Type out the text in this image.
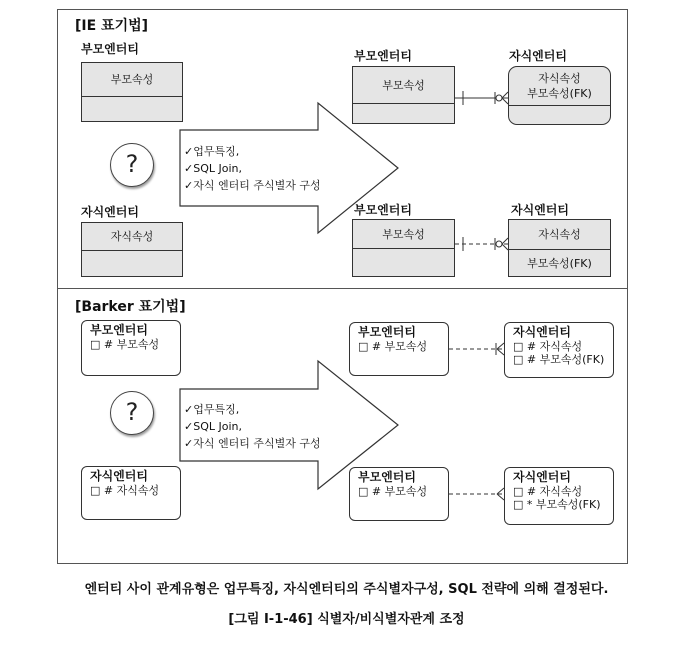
[IE 표기법]
부모엔터티
부모속성
?
자식엔터티
자식속성
✓업무특징,
✓SQL Join,
✓자식 엔터티 주식별자 구성
부모엔터티
부모속성
자식엔터티
자식속성
부모속성(FK)
부모엔터티
부모속성
자식엔터티
자식속성
부모속성(FK)
[Barker 표기법]
부모엔터티
□ # 부모속성
?	✓업무특징,
✓SQL Join,
✓자식 엔터티 주식별자 구성
자식엔터티
□ # 자식속성
부모엔터티
□ # 부모속성
자식엔터티
□ # 자식속성
□ # 부모속성(FK)
부모엔터티
□ # 부모속성
자식엔터티
□ # 자식속성
□ * 부모속성(FK)
엔터티 사이 관계유형은 업무특징, 자식엔터티의 주식별자구성, SQL 전략에 의해 결정된다.
[그림 Ⅰ-1-46] 식별자/비식별자관계 조정
